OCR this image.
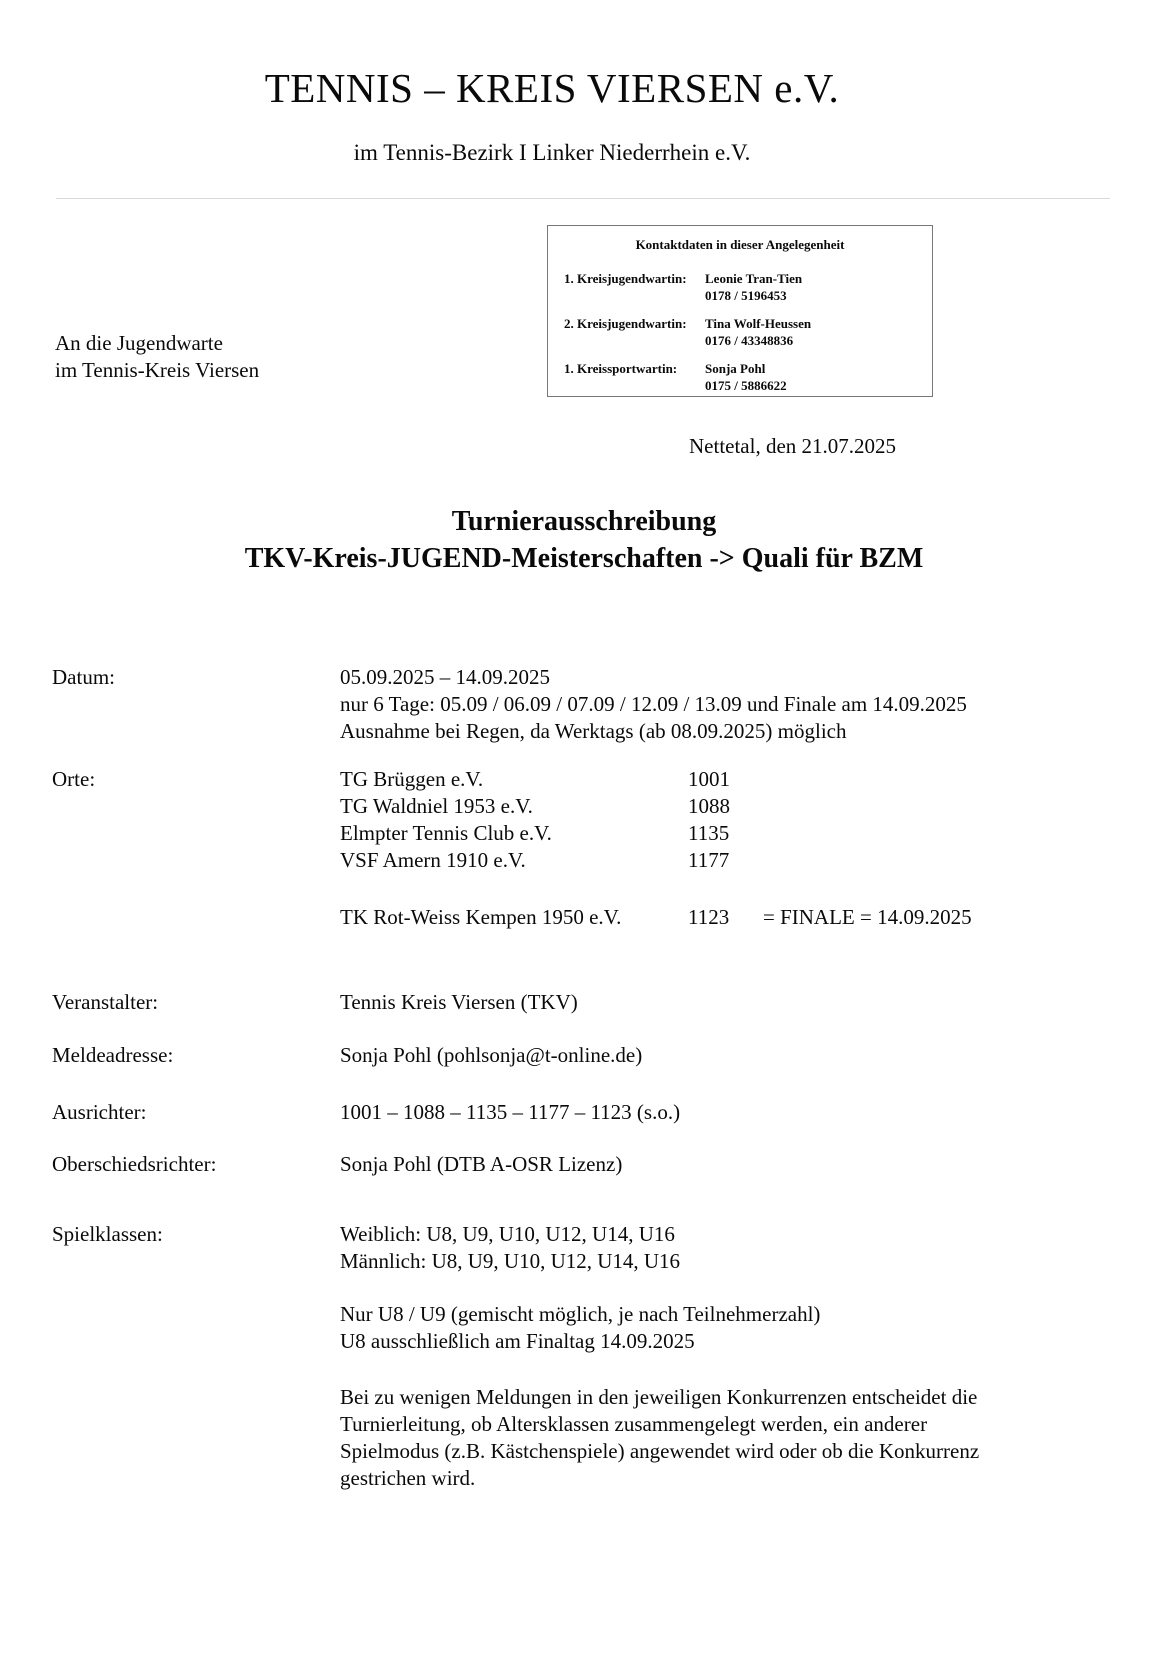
TENNIS – KREIS VIERSEN e.V.
im Tennis-Bezirk I Linker Niederrhein e.V.
Kontaktdaten in dieser Angelegenheit
1. Kreisjugendwartin: Leonie Tran-Tien
0178 / 5196453
2. Kreisjugendwartin: Tina Wolf-Heussen
0176 / 43348836
1. Kreissportwartin: Sonja Pohl
0175 / 5886622
An die Jugendwarte
im Tennis-Kreis Viersen
Nettetal, den 21.07.2025
Turnierausschreibung
TKV-Kreis-JUGEND-Meisterschaften -> Quali für BZM
Datum:	05.09.2025 – 14.09.2025
nur 6 Tage: 05.09 / 06.09 / 07.09 / 12.09 / 13.09 und Finale am 14.09.2025
Ausnahme bei Regen, da Werktags (ab 08.09.2025) möglich
Orte:	TG Brüggen e.V.	1001
TG Waldniel 1953 e.V.	1088
Elmpter Tennis Club e.V.	1135
VSF Amern 1910 e.V.	1177
TK Rot-Weiss Kempen 1950 e.V.	1123 = FINALE = 14.09.2025
Veranstalter:	Tennis Kreis Viersen (TKV)
Meldeadresse:	Sonja Pohl (pohlsonja@t-online.de)
Ausrichter:	1001 – 1088 – 1135 – 1177 – 1123 (s.o.)
Oberschiedsrichter:	Sonja Pohl (DTB A-OSR Lizenz)
Spielklassen:	Weiblich: U8, U9, U10, U12, U14, U16
Männlich: U8, U9, U10, U12, U14, U16
Nur U8 / U9 (gemischt möglich, je nach Teilnehmerzahl)
U8 ausschließlich am Finaltag 14.09.2025
Bei zu wenigen Meldungen in den jeweiligen Konkurrenzen entscheidet die
Turnierleitung, ob Altersklassen zusammengelegt werden, ein anderer
Spielmodus (z.B. Kästchenspiele) angewendet wird oder ob die Konkurrenz
gestrichen wird.
